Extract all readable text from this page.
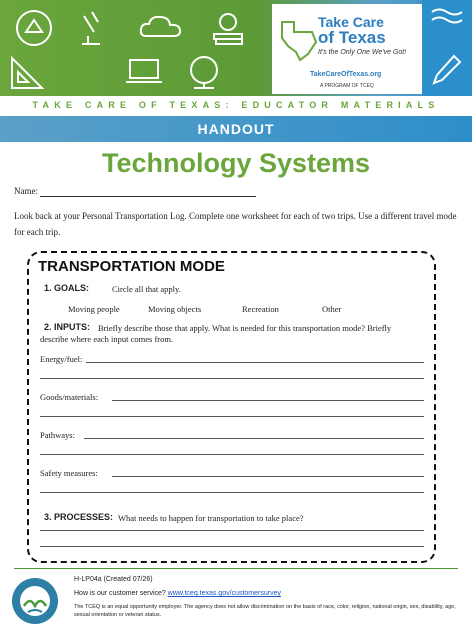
Take Care
of Texas
It's the Only One We've Got!
TakeCareOfTexas.org
A PROGRAM OF TCEQ
TAKE CARE OF TEXAS: EDUCATOR MATERIALS
HANDOUT
Technology Systems
Name:
Look back at your Personal Transportation Log. Complete one worksheet for each of two trips. Use a different travel mode for each trip.
TRANSPORTATION MODE
1. GOALS:	Circle all that apply.
Moving people	Moving objects	Recreation	Other
2. INPUTS: Briefly describe those that apply. What is needed for this transportation mode? Briefly
describe where each input comes from.
Energy/fuel:
Goods/materials:
Pathways:
Safety measures:
3. PROCESSES: What needs to happen for transportation to take place?
H-LP04a (Created 07/26)
How is our customer service? www.tceq.texas.gov/customersurvey
The TCEQ is an equal opportunity employer. The agency does not allow discrimination on the basis of race, color, religion, national origin, sex, disability, age, sexual orientation or veteran status.
